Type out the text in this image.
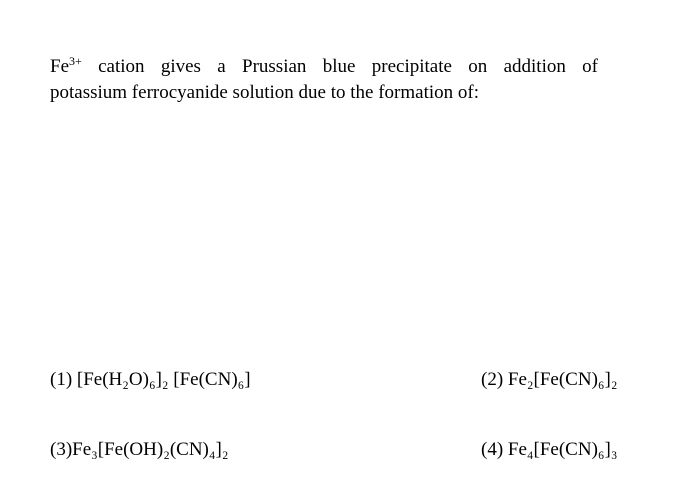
$Fe^{3+}$ cation gives a Prussian blue precipitate on addition of
potassium ferrocyanide solution due to the formation of:
(1) [Fe(H₂O)₆]₂ [Fe(CN)₆]	(2) Fe₂[Fe(CN)₆]₂
(3)Fe₃[Fe(OH)₂(CN)₄]₂	(4) Fe₄[Fe(CN)₆]₃
